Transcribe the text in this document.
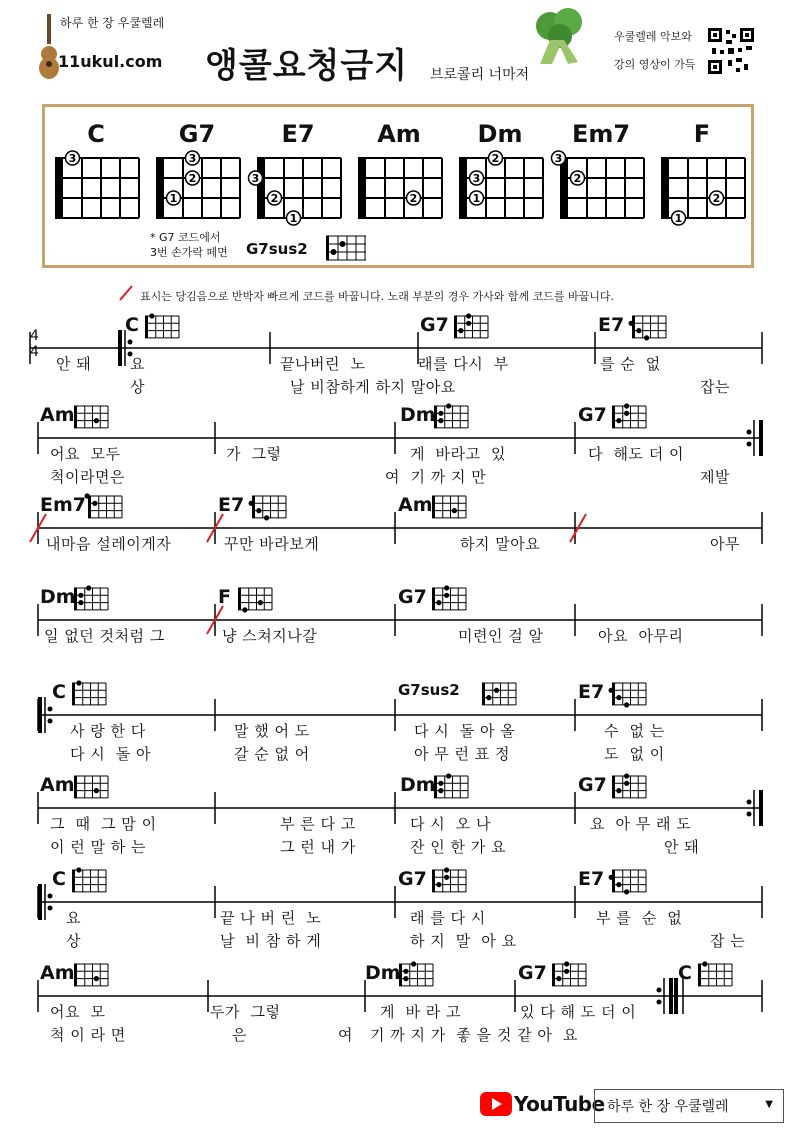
하루 한 장 우쿨렐레
11ukul.com 앵콜요청금지 브로콜리 너마저
우쿨렐레 악보와
강의 영상이 가득
C	G7	E7	Am	Dm	Em7	F
3
1
2
3
1
2
3
2	1
3
2
2
3
1
2
* G7 코드에서
3번 손가락 떼면 G7sus2
표시는 당김음으로 반박자 빠르게 코드를 바꿉니다. 노래 부분의 경우 가사와 함께 코드를 바꿉니다.
C	G7	E7
안 돼	요	끝나버린  노	래를 다시  부	를 순  없
상	날 비참하게 하지 말아요	잡는
Am	Dm	G7
어요  모두	가  그렇	게  바라고  있	다  해도 더 이
척이라면은	여  기 까 지 만	제발
Em7	E7	Am
내마음 설레이게자	꾸만 바라보게	하지 말아요	아무
Dm	F	G7
일 없던 것처럼 그	냥 스쳐지나갈	미련인 걸 알	아요  아무리
C	G7sus2	E7
사 랑 한 다	말 했 어 도	다 시  돌 아 올	수  없 는
다 시  돌 아	갈 순 없 어	아 무 런 표 정	도  없 이
Am	Dm	G7
그  때  그 맘 이	부 른 다 고	다 시  오 나	요  아 무 래 도
이 런 말 하 는	그 런 내 가	잔 인 한 가 요	안 돼
C	G7	E7
요	끝 나 버 린  노	래 를 다 시	부 를  순  없
상	날  비 참 하 게	하 지  말  아 요	잡 는
Am	Dm	G7	C
어요  모	두가  그렇	게  바 라 고	있 다 해 도 더 이
척 이 라 면	은	여 기 까 지 가  좋 을 것 같 아  요
4
4
YouTube 하루 한 장 우쿨렐레	▼
